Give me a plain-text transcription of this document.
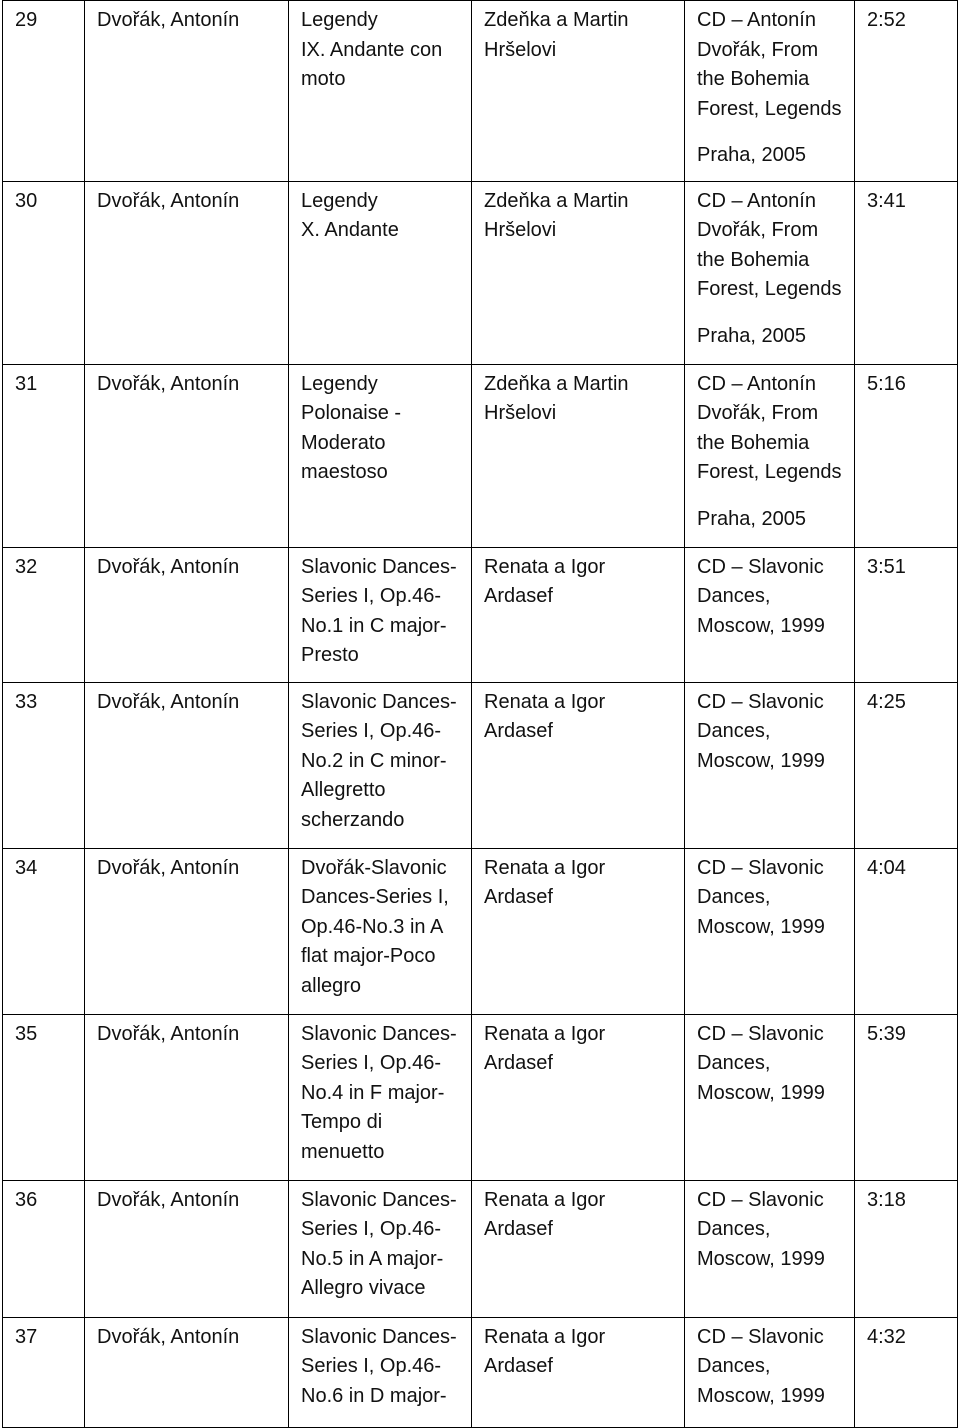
29	Dvořák, Antonín	Legendy
IX. Andante con
moto	Zdeňka a Martin
Hršelovi	CD – Antonín
Dvořák, From
the Bohemia
Forest, Legends
Praha, 2005	2:52

30	Dvořák, Antonín	Legendy
X. Andante	Zdeňka a Martin
Hršelovi	CD – Antonín
Dvořák, From
the Bohemia
Forest, Legends
Praha, 2005	3:41

31	Dvořák, Antonín	Legendy
Polonaise -
Moderato
maestoso	Zdeňka a Martin
Hršelovi	CD – Antonín
Dvořák, From
the Bohemia
Forest, Legends
Praha, 2005	5:16

32	Dvořák, Antonín	Slavonic Dances-
Series I, Op.46-
No.1 in C major-
Presto	Renata a Igor
Ardasef	CD – Slavonic
Dances,
Moscow, 1999	3:51

33	Dvořák, Antonín	Slavonic Dances-
Series I, Op.46-
No.2 in C minor-
Allegretto
scherzando	Renata a Igor
Ardasef	CD – Slavonic
Dances,
Moscow, 1999	4:25

34	Dvořák, Antonín	Dvořák-Slavonic
Dances-Series I,
Op.46-No.3 in A
flat major-Poco
allegro	Renata a Igor
Ardasef	CD – Slavonic
Dances,
Moscow, 1999	4:04

35	Dvořák, Antonín	Slavonic Dances-
Series I, Op.46-
No.4 in F major-
Tempo di
menuetto	Renata a Igor
Ardasef	CD – Slavonic
Dances,
Moscow, 1999	5:39

36	Dvořák, Antonín	Slavonic Dances-
Series I, Op.46-
No.5 in A major-
Allegro vivace	Renata a Igor
Ardasef	CD – Slavonic
Dances,
Moscow, 1999	3:18

37	Dvořák, Antonín	Slavonic Dances-
Series I, Op.46-
No.6 in D major-	Renata a Igor
Ardasef	CD – Slavonic
Dances,
Moscow, 1999	4:32
